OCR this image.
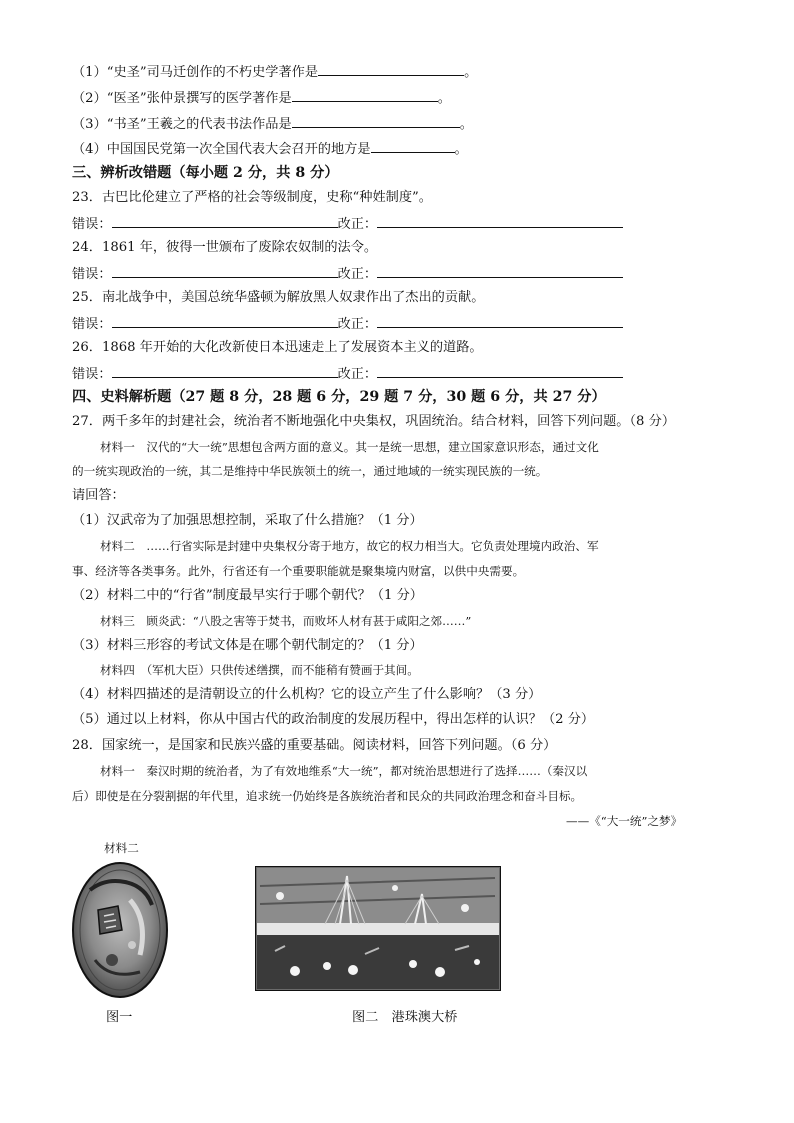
（1）“史圣”司马迁创作的不朽史学著作是	。
（2）“医圣”张仲景撰写的医学著作是	。
（3）“书圣”王羲之的代表书法作品是	。
（4）中国国民党第一次全国代表大会召开的地方是	。
三、辨析改错题（每小题 2 分，共 8 分）
23．古巴比伦建立了严格的社会等级制度，史称“种姓制度”。
错误：	改正：
24．1861 年，彼得一世颁布了废除农奴制的法令。
错误：	改正：
25．南北战争中，美国总统华盛顿为解放黑人奴隶作出了杰出的贡献。
错误：	改正：
26．1868 年开始的大化改新使日本迅速走上了发展资本主义的道路。
错误：	改正：
四、史料解析题（27 题 8 分，28 题 6 分，29 题 7 分，30 题 6 分，共 27 分）
27．两千多年的封建社会，统治者不断地强化中央集权，巩固统治。结合材料，回答下列问题。（8 分）
材料一　汉代的“大一统”思想包含两方面的意义。其一是统一思想，建立国家意识形态，通过文化
的一统实现政治的一统，其二是维持中华民族领土的统一，通过地域的一统实现民族的一统。
请回答：
（1）汉武帝为了加强思想控制，采取了什么措施？（1 分）
材料二　……行省实际是封建中央集权分寄于地方，故它的权力相当大。它负责处理境内政治、军
事、经济等各类事务。此外，行省还有一个重要职能就是聚集境内财富，以供中央需要。
（2）材料二中的“行省”制度最早实行于哪个朝代？（1 分）
材料三　顾炎武：“八股之害等于焚书，而败坏人材有甚于咸阳之郊……”
（3）材料三形容的考试文体是在哪个朝代制定的？（1 分）
材料四　（军机大臣）只供传述缮撰，而不能稍有赞画于其间。
（4）材料四描述的是清朝设立的什么机构？它的设立产生了什么影响？（3 分）
（5）通过以上材料，你从中国古代的政治制度的发展历程中，得出怎样的认识？（2 分）
28．国家统一，是国家和民族兴盛的重要基础。阅读材料，回答下列问题。（6 分）
材料一　秦汉时期的统治者，为了有效地维系“大一统”，都对统治思想进行了选择……（秦汉以
后）即使是在分裂割据的年代里，追求统一仍始终是各族统治者和民众的共同政治理念和奋斗目标。
——《“大一统”之梦》
材料二
图一	图二　港珠澳大桥
